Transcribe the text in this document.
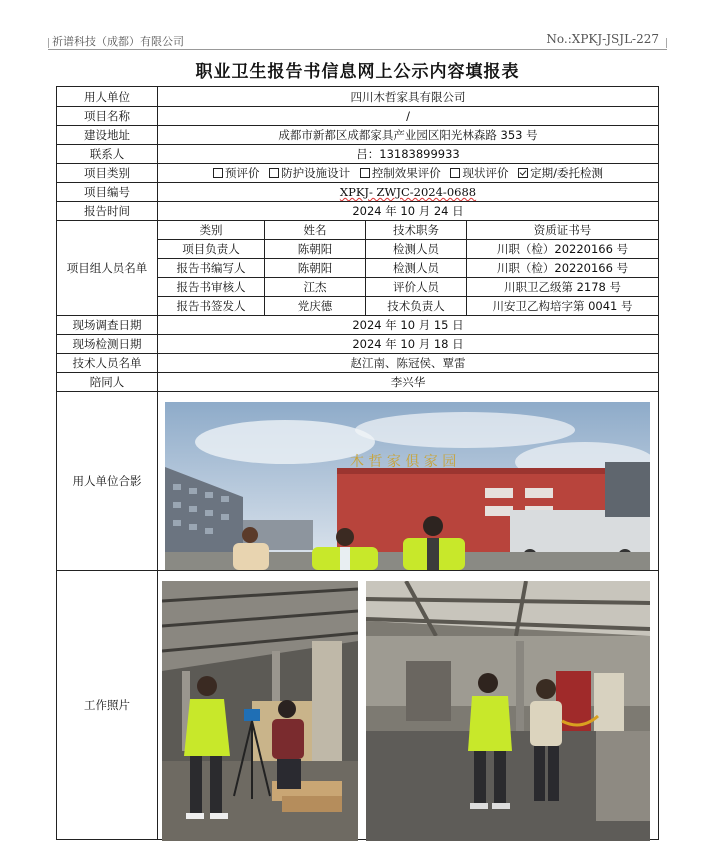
祈谱科技（成都）有限公司	No.:XPKJ-JSJL-227
职业卫生报告书信息网上公示内容填报表
用人单位	四川木哲家具有限公司			
项目名称	/			
建设地址	成都市新都区成都家具产业园区阳光林森路 353 号			
联系人	吕：13183899933			
项目类别	预评价 防护设施设计 控制效果评价 现状评价 定期/委托检测			
项目编号	XPKJ- ZWJC-2024-0688			
报告时间	2024 年 10 月 24 日			
项目组人员名单	类别	姓名	技术职务	资质证书号
	项目负责人	陈朝阳	检测人员	川职（检）20220166 号
	报告书编写人	陈朝阳	检测人员	川职（检）20220166 号
	报告书审核人	江杰	评价人员	川职卫乙级第 2178 号
	报告书签发人	党庆德	技术负责人	川安卫乙构培字第 0041 号
现场调查日期	2024 年 10 月 15 日			
现场检测日期	2024 年 10 月 18 日			
技术人员名单	赵江南、陈冠侯、覃雷			
陪同人	李兴华			
用人单位合影				
工作照片				
木 哲 家 俱 家 园
